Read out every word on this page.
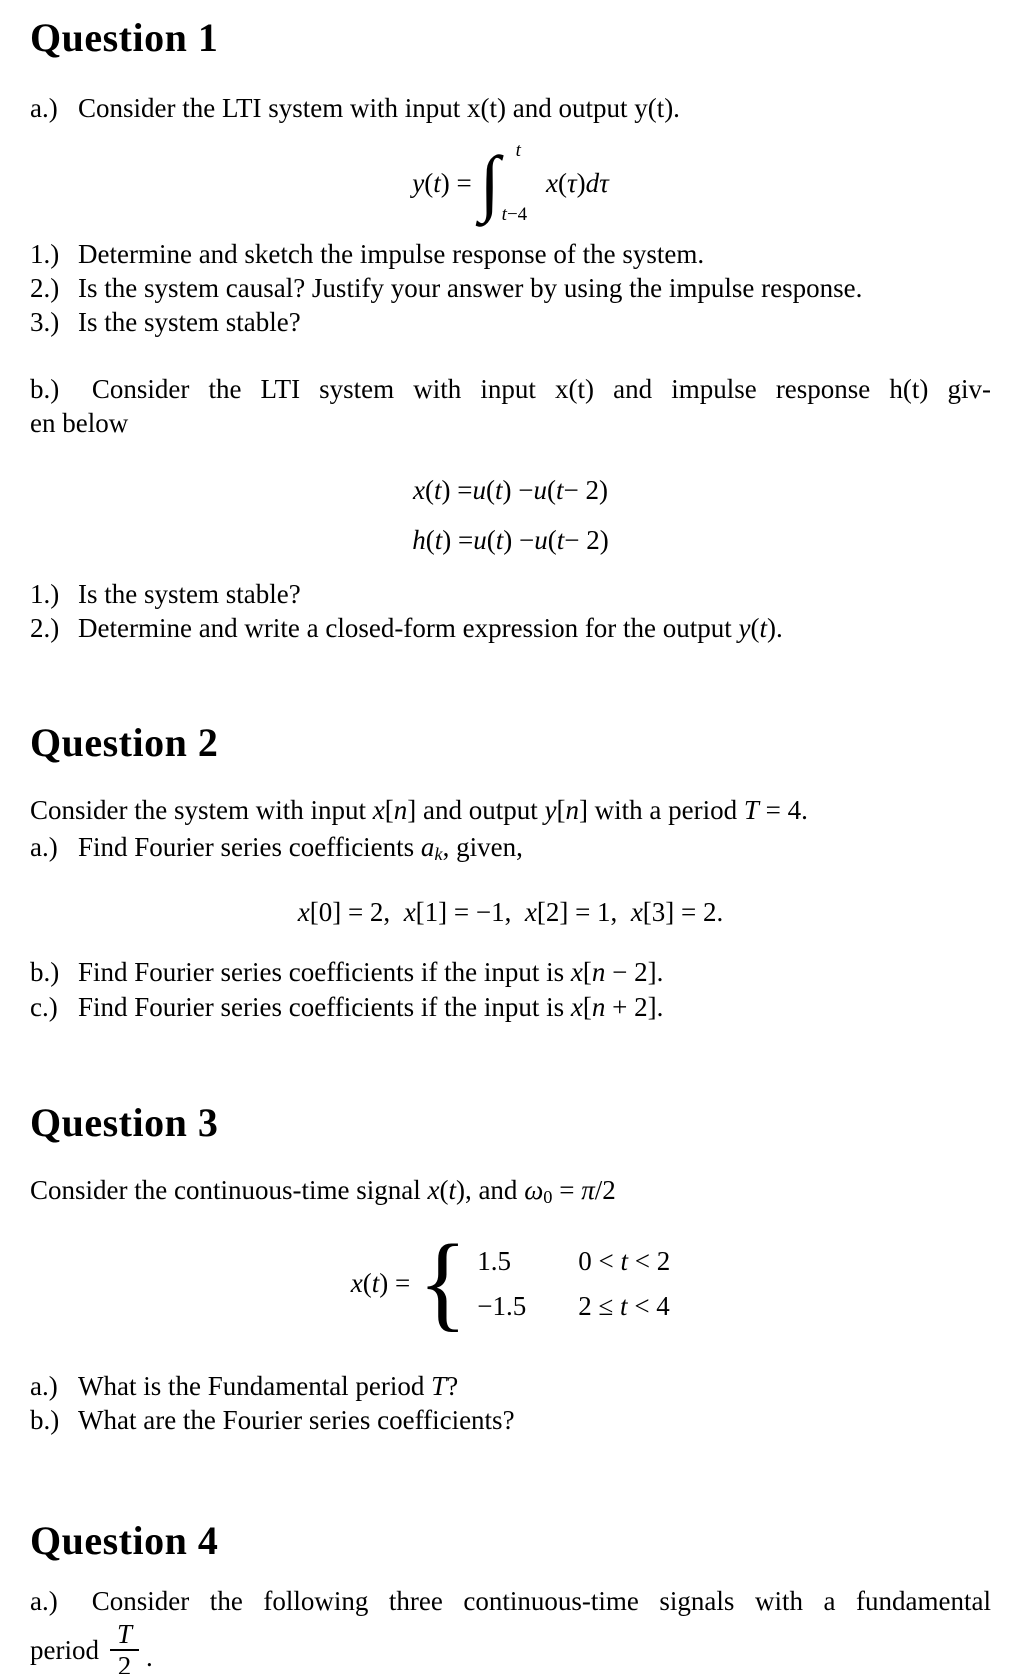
Question 1
a.) Consider the LTI system with input x(t) and output y(t).
y(t) = ∫ t
t−4
x(τ)dτ
1.) Determine and sketch the impulse response of the system.
2.) Is the system causal? Justify your answer by using the impulse response.
3.) Is the system stable?
b.)  Consider the LTI system with input x(t) and impulse response h(t) giv-
en below
x ( t ) = u ( t ) − u ( t − 2)
h ( t ) = u ( t ) − u ( t − 2)
1.) Is the system stable?
2.) Determine and write a closed-form expression for the output y(t).
Question 2
Consider the system with input x[n] and output y[n] with a period T = 4.
a.) Find Fourier series coefficients ak, given,
x [0] = 2,  x [1] = −1,  x [2] = 1,  x [3] = 2.
b.) Find Fourier series coefficients if the input is x[n − 2].
c.) Find Fourier series coefficients if the input is x[n + 2].
Question 3
Consider the continuous-time signal x(t), and ω0 = π/2
x(t) = { 1.5	0 < t < 2
−1.5 2 ≤ t < 4
a.) What is the Fundamental period T?
b.) What are the Fourier series coefficients?
Question 4
a.)  Consider the following three continuous-time signals with a fundamental
period $\frac{T}{2}$ .
